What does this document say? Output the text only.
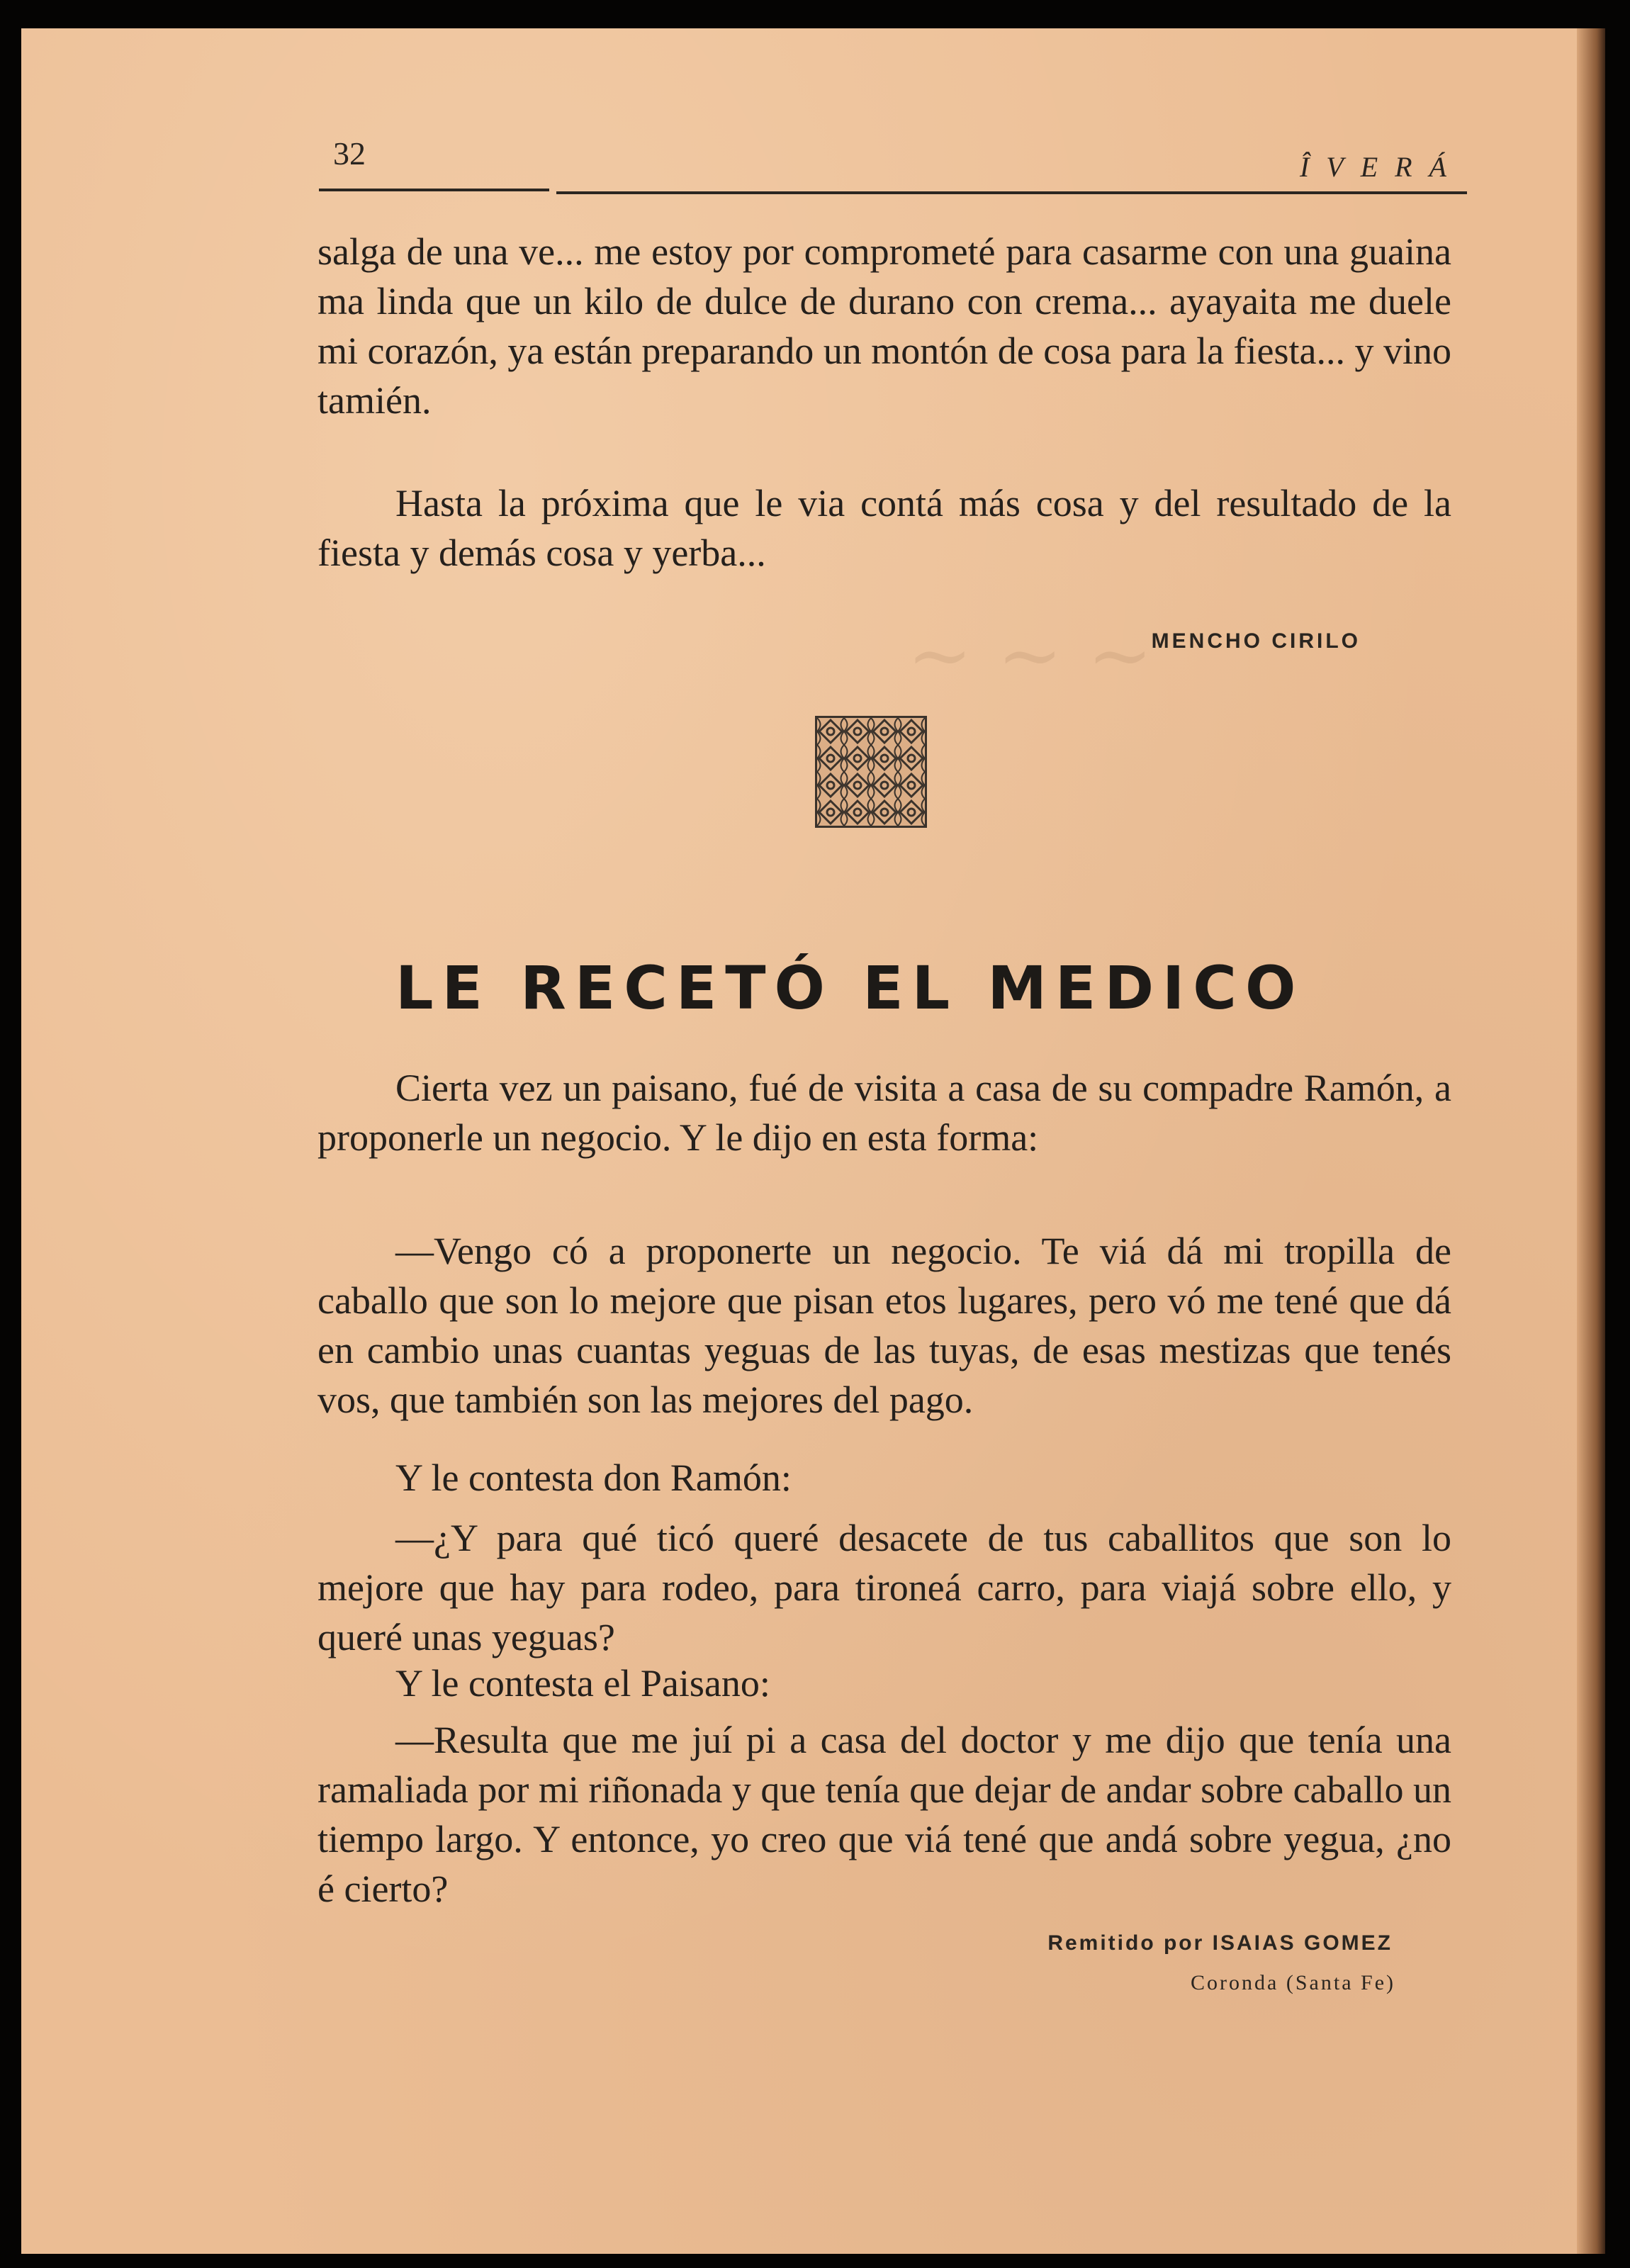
~ ~ ~
32	ÎVERÁ

salga de una ve... me estoy por comprometé para casarme con una guaina ma linda que un kilo de dulce de durano con crema... ayayaita me duele mi corazón, ya están preparando un montón de cosa para la fiesta... y vino tamién.

Hasta la próxima que le via contá más cosa y del resultado de la fiesta y demás cosa y yerba...

MENCHO CIRILO
LE RECETÓ EL MEDICO

Cierta vez un paisano, fué de visita a casa de su compadre Ramón, a proponerle un negocio. Y le dijo en esta forma:

—Vengo có a proponerte un negocio. Te viá dá mi tropilla de caballo que son lo mejore que pisan etos lugares, pero vó me tené que dá en cambio unas cuantas yeguas de las tuyas, de esas mestizas que tenés vos, que también son las mejores del pago.

Y le contesta don Ramón:

—¿Y para qué ticó queré desacete de tus caballitos que son lo mejore que hay para rodeo, para tironeá carro, para viajá sobre ello, y queré unas yeguas?

Y le contesta el Paisano:

—Resulta que me juí pi a casa del doctor y me dijo que tenía una ramaliada por mi riñonada y que tenía que dejar de andar sobre caballo un tiempo largo. Y entonce, yo creo que viá tené que andá sobre yegua, ¿no é cierto?

Remitido por ISAIAS GOMEZ
Coronda (Santa Fe)
